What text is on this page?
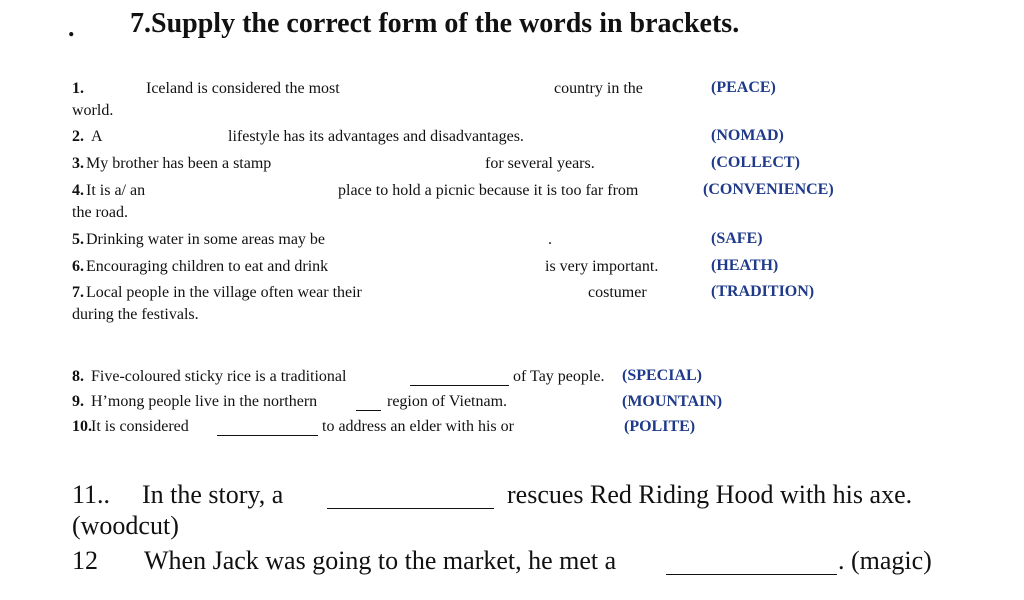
. 7.Supply the correct form of the words in brackets.
1.	Iceland is considered the most	country in the
world.
(PEACE)
2. A	lifestyle has its advantages and disadvantages.	(NOMAD)
3. My brother has been a stamp	for several years.	(COLLECT)
4. It is a/ an	place to hold a picnic because it is too far from
the road.
(CONVENIENCE)
5. Drinking water in some areas may be	.	(SAFE)
6. Encouraging children to eat and drink	is very important.	(HEATH)
7. Local people in the village often wear their	costumer
during the festivals.
(TRADITION)
8. Five-coloured sticky rice is a traditional	of Tay people. (SPECIAL)
9. H’mong people live in the northern	region of Vietnam.	(MOUNTAIN)
10. It is considered	to address an elder with his or	(POLITE)
11.. In the story, a	rescues Red Riding Hood with his axe.
(woodcut)
12 When Jack was going to the market, he met a	. (magic)
